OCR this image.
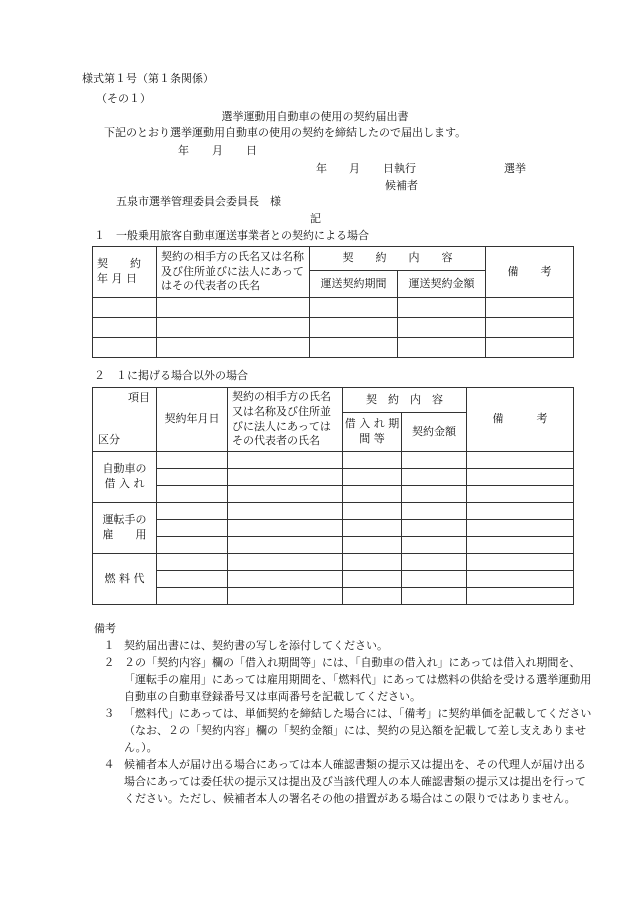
様式第１号（第１条関係）
（その１）
選挙運動用自動車の使用の契約届出書
下記のとおり選挙運動用自動車の使用の契約を締結したので届出します。
年 月 日
年 月 日執行	選挙
候補者
五泉市選挙管理委員会委員長　様
記
１　一般乗用旅客自動車運送事業者との契約による場合
契　　約
年 月 日	契約の相手方の氏名又は名称及び住所並びに法人にあってはその代表者の氏名	契　　約　　内　　容		備　　考
		運送契約期間	運送契約金額	

２　１に掲げる場合以外の場合
項目
区分	契約年月日	契約の相手方の氏名又は名称及び住所並びに法人にあってはその代表者の氏名	契　約　内　容		備　　　考
			借 入 れ 期 間 等	契約金額	

自動車の
借 入 れ					

運転手の
雇　　用					

燃 料 代					

備考
１ 契約届出書には、契約書の写しを添付してください。
２ ２の「契約内容」欄の「借入れ期間等」には、「自動車の借入れ」にあっては借入れ期間を、「運転手の雇用」にあっては雇用期間を、「燃料代」にあっては燃料の供給を受ける選挙運動用自動車の自動車登録番号又は車両番号を記載してください。
３ 「燃料代」にあっては、単価契約を締結した場合には、「備考」に契約単価を記載してください（なお、２の「契約内容」欄の「契約金額」には、契約の見込額を記載して差し支えありません。）。
４ 候補者本人が届け出る場合にあっては本人確認書類の提示又は提出を、その代理人が届け出る場合にあっては委任状の提示又は提出及び当該代理人の本人確認書類の提示又は提出を行ってください。ただし、候補者本人の署名その他の措置がある場合はこの限りではありません。
